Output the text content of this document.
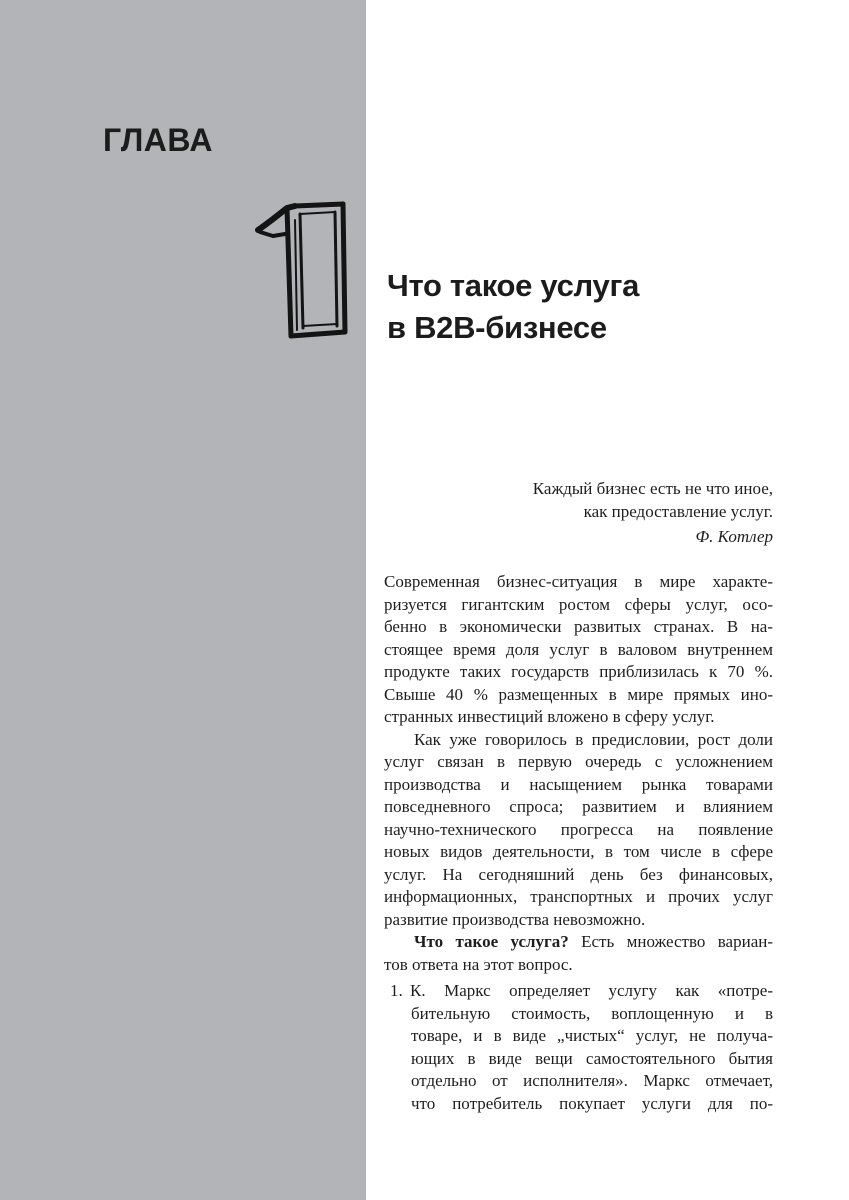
ГЛАВА
Что такое услуга
в B2B-бизнесе
Каждый бизнес есть не что иное,
как предоставление услуг.
Ф. Котлер
Современная бизнес-ситуация в мире характе-
ризуется гигантским ростом сферы услуг, осо-
бенно в экономически развитых странах. В на-
стоящее время доля услуг в валовом внутреннем
продукте таких государств приблизилась к 70 %.
Свыше 40 % размещенных в мире прямых ино-
странных инвестиций вложено в сферу услуг.
Как уже говорилось в предисловии, рост доли
услуг связан в первую очередь с усложнением
производства и насыщением рынка товарами
повседневного спроса; развитием и влиянием
научно-технического прогресса на появление
новых видов деятельности, в том числе в сфере
услуг. На сегодняшний день без финансовых,
информационных, транспортных и прочих услуг
развитие производства невозможно.
Что такое услуга? Есть множество вариан-
тов ответа на этот вопрос.
1. К. Маркс определяет услугу как «потре-
бительную стоимость, воплощенную и в
товаре, и в виде „чистых“ услуг, не получа-
ющих в виде вещи самостоятельного бытия
отдельно от исполнителя». Маркс отмечает,
что потребитель покупает услуги для по-
